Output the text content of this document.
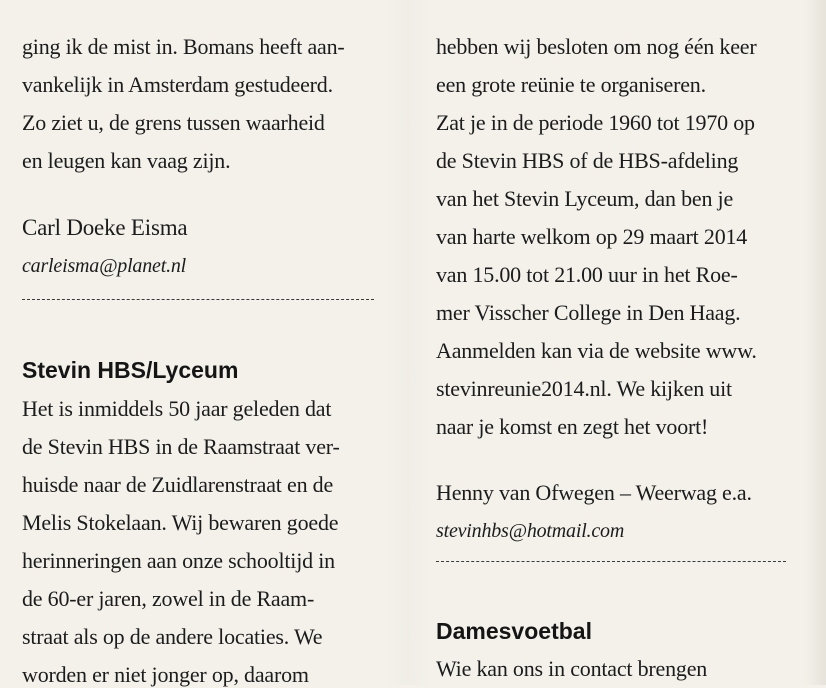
ging ik de mist in. Bomans heeft aan-
vankelijk in Amsterdam gestudeerd.
Zo ziet u, de grens tussen waarheid
en leugen kan vaag zijn.
Carl Doeke Eisma
carleisma@planet.nl
Stevin HBS/Lyceum
Het is inmiddels 50 jaar geleden dat
de Stevin HBS in de Raamstraat ver-
huisde naar de Zuidlarenstraat en de
Melis Stokelaan. Wij bewaren goede
herinneringen aan onze schooltijd in
de 60-er jaren, zowel in de Raam-
straat als op de andere locaties. We
worden er niet jonger op, daarom
hebben wij besloten om nog één keer
een grote reünie te organiseren.
Zat je in de periode 1960 tot 1970 op
de Stevin HBS of de HBS-afdeling
van het Stevin Lyceum, dan ben je
van harte welkom op 29 maart 2014
van 15.00 tot 21.00 uur in het Roe-
mer Visscher College in Den Haag.
Aanmelden kan via de website www.
stevinreunie2014.nl. We kijken uit
naar je komst en zegt het voort!
Henny van Ofwegen – Weerwag e.a.
stevinhbs@hotmail.com
Damesvoetbal
Wie kan ons in contact brengen
